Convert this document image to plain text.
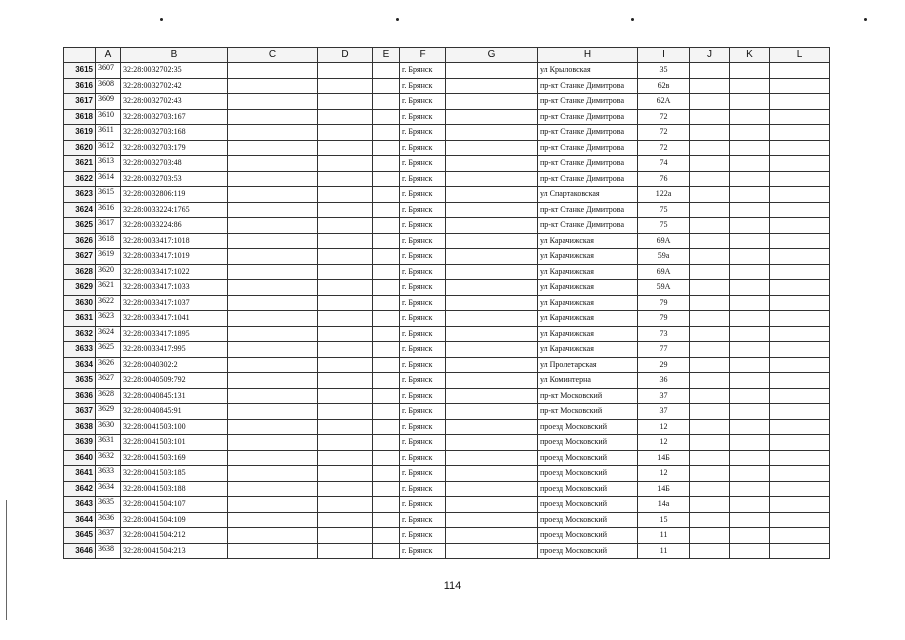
	A	B	C	D	E	F	G	H	I	J	K	L
3615	3607	32:28:0032702:35				г. Брянск		ул Крыловская	35			
3616	3608	32:28:0032702:42				г. Брянск		пр-кт Станке Димитрова	62в			
3617	3609	32:28:0032702:43				г. Брянск		пр-кт Станке Димитрова	62А			
3618	3610	32:28:0032703:167				г. Брянск		пр-кт Станке Димитрова	72			
3619	3611	32:28:0032703:168				г. Брянск		пр-кт Станке Димитрова	72			
3620	3612	32:28:0032703:179				г. Брянск		пр-кт Станке Димитрова	72			
3621	3613	32:28:0032703:48				г. Брянск		пр-кт Станке Димитрова	74			
3622	3614	32:28:0032703:53				г. Брянск		пр-кт Станке Димитрова	76			
3623	3615	32:28:0032806:119				г. Брянск		ул Спартаковская	122а			
3624	3616	32:28:0033224:1765				г. Брянск		пр-кт Станке Димитрова	75			
3625	3617	32:28:0033224:86				г. Брянск		пр-кт Станке Димитрова	75			
3626	3618	32:28:0033417:1018				г. Брянск		ул Карачижская	69А			
3627	3619	32:28:0033417:1019				г. Брянск		ул Карачижская	59а			
3628	3620	32:28:0033417:1022				г. Брянск		ул Карачижская	69А			
3629	3621	32:28:0033417:1033				г. Брянск		ул Карачижская	59А			
3630	3622	32:28:0033417:1037				г. Брянск		ул Карачижская	79			
3631	3623	32:28:0033417:1041				г. Брянск		ул Карачижская	79			
3632	3624	32:28:0033417:1895				г. Брянск		ул Карачижская	73			
3633	3625	32:28:0033417:995				г. Брянск		ул Карачижская	77			
3634	3626	32:28:0040302:2				г. Брянск		ул Пролетарская	29			
3635	3627	32:28:0040509:792				г. Брянск		ул Коминтерна	36			
3636	3628	32:28:0040845:131				г. Брянск		пр-кт Московский	37			
3637	3629	32:28:0040845:91				г. Брянск		пр-кт Московский	37			
3638	3630	32:28:0041503:100				г. Брянск		проезд Московский	12			
3639	3631	32:28:0041503:101				г. Брянск		проезд Московский	12			
3640	3632	32:28:0041503:169				г. Брянск		проезд Московский	14Б			
3641	3633	32:28:0041503:185				г. Брянск		проезд Московский	12			
3642	3634	32:28:0041503:188				г. Брянск		проезд Московский	14Б			
3643	3635	32:28:0041504:107				г. Брянск		проезд Московский	14а			
3644	3636	32:28:0041504:109				г. Брянск		проезд Московский	15			
3645	3637	32:28:0041504:212				г. Брянск		проезд Московский	11			
3646	3638	32:28:0041504:213				г. Брянск		проезд Московский	11			
114
